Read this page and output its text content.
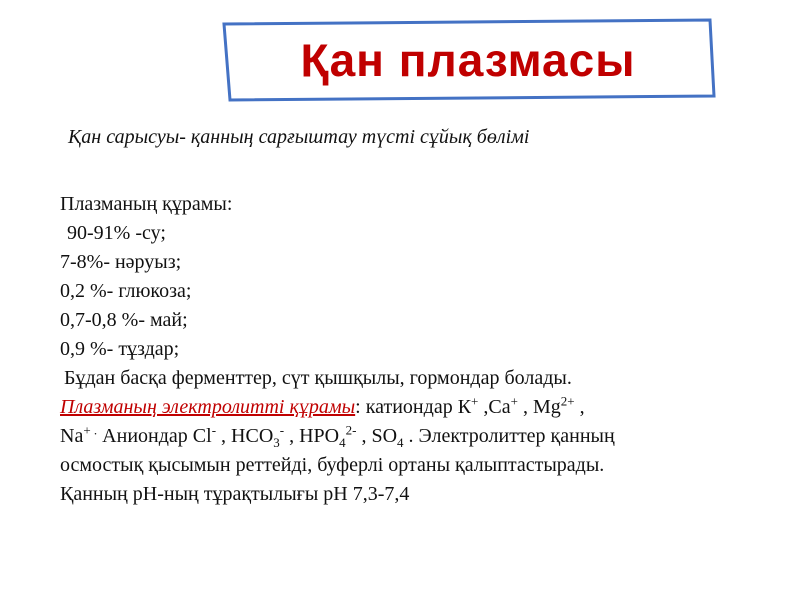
Қан плазмасы
Қан сарысуы- қанның сарғыштау түсті сұйық бөлімі
Плазманың құрамы:
90-91% -су;
7-8%- нәруыз;
0,2 %- глюкоза;
0,7-0,8 %- май;
0,9 %- тұздар;
Бұдан басқа ферменттер, сүт қышқылы, гормондар болады.
Плазманың электролитті құрамы: катиондар К+ ,Са+ , $Mg^{2+}$ ,
Na+ . Аниондар Cl- , $HCO_3^-$ , $HPO_4^{2-}$ , $SO_4$ . Электролиттер қанның
осмостық қысымын реттейді, буферлі ортаны қалыптастырады.
Қанның рН-ның тұрақтылығы рН 7,3-7,4
